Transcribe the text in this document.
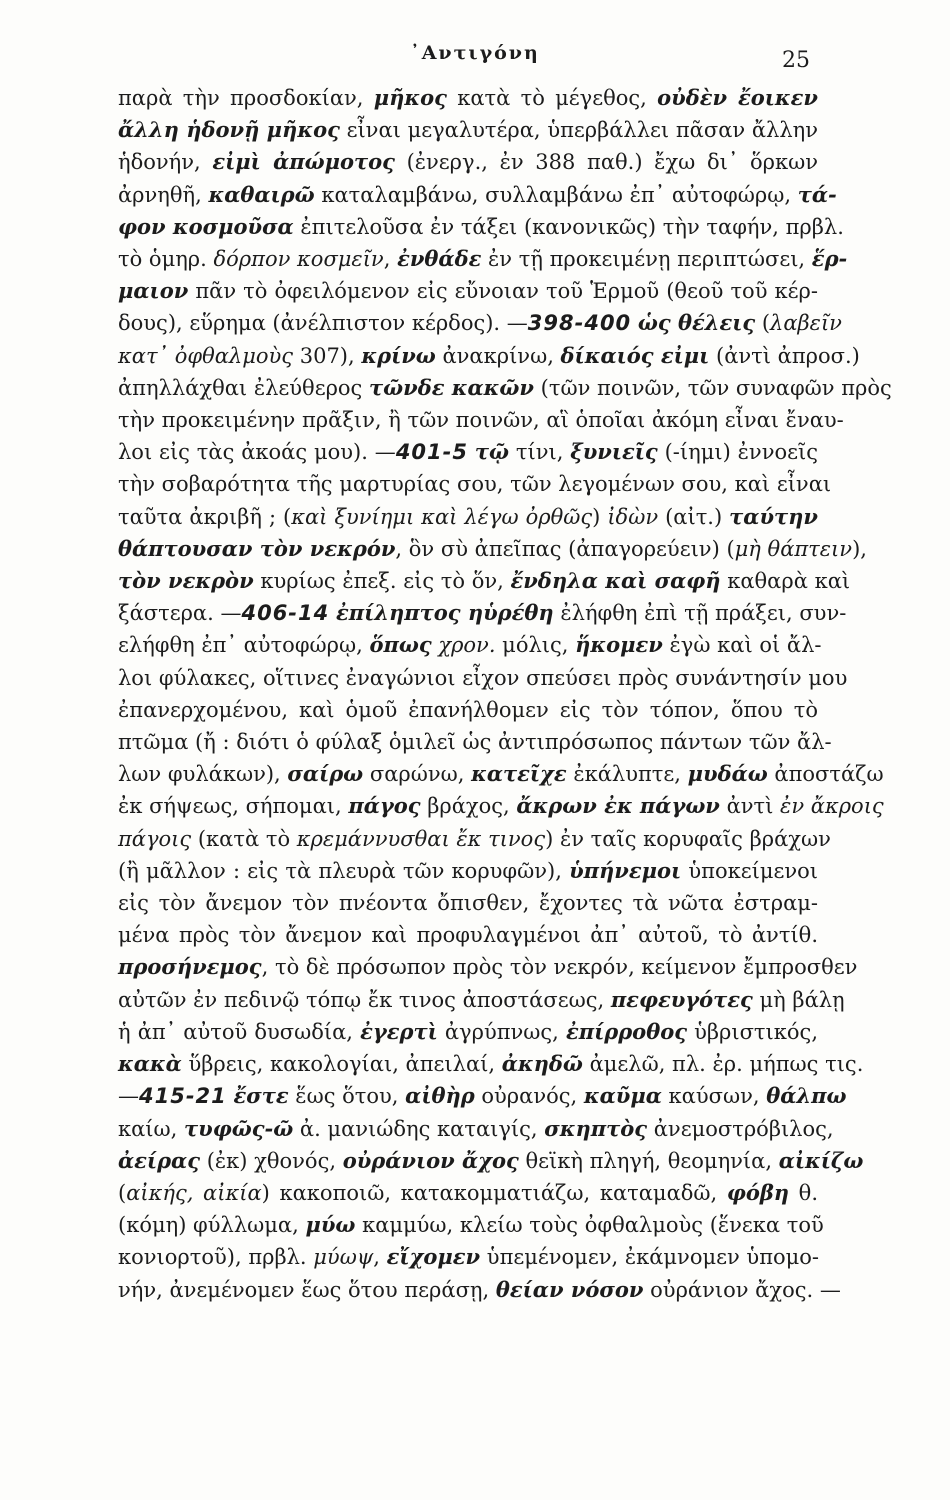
᾽Αντιγόνη	25
παρὰ τὴν προσδοκίαν, μῆκος κατὰ τὸ μέγεθος, οὐδὲν ἔοικεν
ἄλλη ἡδονῇ μῆκος εἶναι μεγαλυτέρα, ὑπερβάλλει πᾶσαν ἄλλην
ἡδονήν, εἰμὶ ἀπώμοτος (ἐνεργ., ἐν 388 παθ.) ἔχω δι᾽ ὅρκων
ἀρνηθῆ, καθαιρῶ καταλαμβάνω, συλλαμβάνω ἐπ᾽ αὐτοφώρῳ, τά-
φον κοσμοῦσα ἐπιτελοῦσα ἐν τάξει (κανονικῶς) τὴν ταφήν, πρβλ.
τὸ ὁμηρ. δόρπον κοσμεῖν, ἐνθάδε ἐν τῇ προκειμένῃ περιπτώσει, ἕρ-
μαιον πᾶν τὸ ὀφειλόμενον εἰς εὔνοιαν τοῦ Ἑρμοῦ (θεοῦ τοῦ κέρ-
δους), εὕρημα (ἀνέλπιστον κέρδος). —398-400 ὡς θέλεις (λαβεῖν
κατ᾽ ὀφθαλμοὺς 307), κρίνω ἀνακρίνω, δίκαιός εἰμι (ἀντὶ ἀπροσ.)
ἀπηλλάχθαι ἐλεύθερος τῶνδε κακῶν (τῶν ποινῶν, τῶν συναφῶν πρὸς
τὴν προκειμένην πρᾶξιν, ἢ τῶν ποινῶν, αἳ ὁποῖαι ἀκόμη εἶναι ἔναυ-
λοι εἰς τὰς ἀκοάς μου). —401-5 τῷ τίνι, ξυνιεῖς (-ίημι) ἐννοεῖς
τὴν σοβαρότητα τῆς μαρτυρίας σου, τῶν λεγομένων σου, καὶ εἶναι
ταῦτα ἀκριβῆ ; (καὶ ξυνίημι καὶ λέγω ὀρθῶς) ἰδὼν (αἰτ.) ταύτην
θάπτουσαν τὸν νεκρόν, ὃν σὺ ἀπεῖπας (ἀπαγορεύειν) (μὴ θάπτειν),
τὸν νεκρὸν κυρίως ἐπεξ. εἰς τὸ ὅν, ἔνδηλα καὶ σαφῆ καθαρὰ καὶ
ξάστερα. —406-14 ἐπίληπτος ηὑρέθη ἐλήφθη ἐπὶ τῇ πράξει, συν-
ελήφθη ἐπ᾽ αὐτοφώρῳ, ὅπως χρον. μόλις, ἥκομεν ἐγὼ καὶ οἱ ἄλ-
λοι φύλακες, οἵτινες ἐναγώνιοι εἶχον σπεύσει πρὸς συνάντησίν μου
ἐπανερχομένου, καὶ ὁμοῦ ἐπανήλθομεν εἰς τὸν τόπον, ὅπου τὸ
πτῶμα (ἤ : διότι ὁ φύλαξ ὁμιλεῖ ὡς ἀντιπρόσωπος πάντων τῶν ἄλ-
λων φυλάκων), σαίρω σαρώνω, κατεῖχε ἐκάλυπτε, μυδάω ἀποστάζω
ἐκ σήψεως, σήπομαι, πάγος βράχος, ἄκρων ἐκ πάγων ἀντὶ ἐν ἄκροις
πάγοις (κατὰ τὸ κρεμάννυσθαι ἔκ τινος) ἐν ταῖς κορυφαῖς βράχων
(ἢ μᾶλλον : εἰς τὰ πλευρὰ τῶν κορυφῶν), ὑπήνεμοι ὑποκείμενοι
εἰς τὸν ἄνεμον τὸν πνέοντα ὄπισθεν, ἔχοντες τὰ νῶτα ἐστραμ-
μένα πρὸς τὸν ἄνεμον καὶ προφυλαγμένοι ἀπ᾽ αὐτοῦ, τὸ ἀντίθ.
προσήνεμος, τὸ δὲ πρόσωπον πρὸς τὸν νεκρόν, κείμενον ἔμπροσθεν
αὐτῶν ἐν πεδινῷ τόπῳ ἔκ τινος ἀποστάσεως, πεφευγότες μὴ βάλῃ
ἡ ἀπ᾽ αὐτοῦ δυσωδία, ἐγερτὶ ἀγρύπνως, ἐπίρροθος ὑβριστικός,
κακὰ ὕβρεις, κακολογίαι, ἀπειλαί, ἀκηδῶ ἀμελῶ, πλ. ἐρ. μήπως τις.
—415-21 ἔστε ἕως ὅτου, αἰθὴρ οὐρανός, καῦμα καύσων, θάλπω
καίω, τυφῶς-ῶ ἀ. μανιώδης καταιγίς, σκηπτὸς ἀνεμοστρόβιλος,
ἀείρας (ἐκ) χθονός, οὐράνιον ἄχος θεϊκὴ πληγή, θεομηνία, αἰκίζω
(αἰκής, αἰκία) κακοποιῶ, κατακομματιάζω, καταμαδῶ, φόβη θ.
(κόμη) φύλλωμα, μύω καμμύω, κλείω τοὺς ὀφθαλμοὺς (ἕνεκα τοῦ
κονιορτοῦ), πρβλ. μύωψ, εἴχομεν ὑπεμένομεν, ἐκάμνομεν ὑπομο-
νήν, ἀνεμένομεν ἕως ὅτου περάσῃ, θείαν νόσον οὐράνιον ἄχος. —
